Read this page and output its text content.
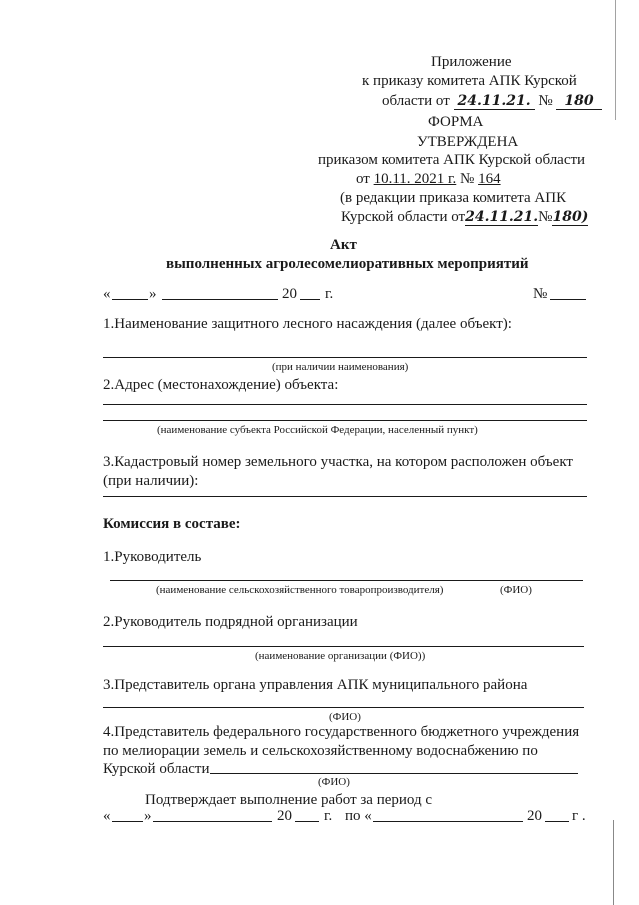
Приложение
к приказу комитета АПК Курской
области от 24.11.21. № 180
ФОРМА
УТВЕРЖДЕНА
приказом комитета АПК Курской области
от 10.11. 2021 г. № 164
(в редакции приказа комитета АПК
Курской области от24.11.21.№180)
Акт
выполненных агролесомелиоративных мероприятий
«	»	20 г.	№
1.Наименование защитного лесного насаждения (далее объект):
(при наличии наименования)
2.Адрес (местонахождение) объекта:
(наименование субъекта Российской Федерации, населенный пункт)
3.Кадастровый номер земельного участка, на котором расположен объект
(при наличии):
Комиссия в составе:
1.Руководитель
(наименование сельскохозяйственного товаропроизводителя)	(ФИО)
2.Руководитель подрядной организации
(наименование организации (ФИО))
3.Представитель органа управления АПК муниципального района
(ФИО)
4.Представитель федерального государственного бюджетного учреждения
по мелиорации земель и сельскохозяйственному водоснабжению по
Курской области
(ФИО)
Подтверждает выполнение работ за период с
« »	20 г. по «	20 г .
